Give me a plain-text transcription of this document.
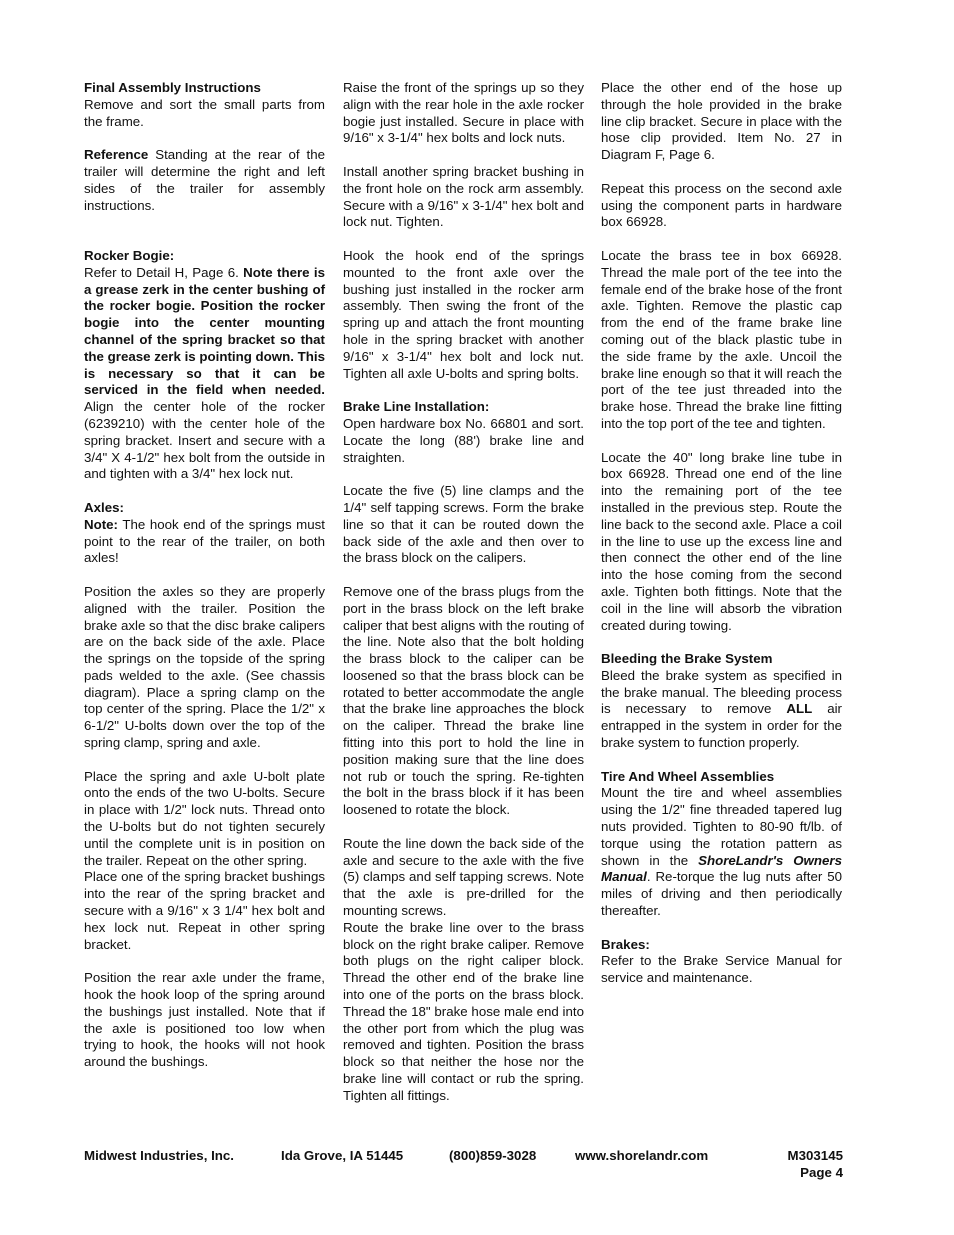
Final Assembly Instructions
Remove and sort the small parts from the frame.

Reference Standing at the rear of the trailer will determine the right and left sides of the trailer for assembly instructions.

Rocker Bogie:
Refer to Detail H, Page 6. Note there is a grease zerk in the center bushing of the rocker bogie. Position the rocker bogie into the center mounting channel of the spring bracket so that the grease zerk is pointing down. This is necessary so that it can be serviced in the field when needed. Align the center hole of the rocker (6239210) with the center hole of the spring bracket. Insert and secure with a 3/4" X 4-1/2" hex bolt from the outside in and tighten with a 3/4" hex lock nut.

Axles:
Note: The hook end of the springs must point to the rear of the trailer, on both axles!

Position the axles so they are properly aligned with the trailer. Position the brake axle so that the disc brake calipers are on the back side of the axle. Place the springs on the topside of the spring pads welded to the axle. (See chassis diagram). Place a spring clamp on the top center of the spring. Place the 1/2" x 6-1/2" U-bolts down over the top of the spring clamp, spring and axle.

Place the spring and axle U-bolt plate onto the ends of the two U-bolts. Secure in place with 1/2" lock nuts. Thread onto the U-bolts but do not tighten securely until the complete unit is in position on the trailer. Repeat on the other spring.

Place one of the spring bracket bushings into the rear of the spring bracket and secure with a 9/16" x 3 1/4" hex bolt and hex lock nut. Repeat in other spring bracket.

Position the rear axle under the frame, hook the hook loop of the spring around the bushings just installed. Note that if the axle is positioned too low when trying to hook, the hooks will not hook around the bushings.

Raise the front of the springs up so they align with the rear hole in the axle rocker bogie just installed. Secure in place with 9/16" x 3-1/4" hex bolts and lock nuts.

Install another spring bracket bushing in the front hole on the rock arm assembly. Secure with a 9/16" x 3-1/4" hex bolt and lock nut. Tighten.

Hook the hook end of the springs mounted to the front axle over the bushing just installed in the rocker arm assembly. Then swing the front of the spring up and attach the front mounting hole in the spring bracket with another 9/16" x 3-1/4" hex bolt and lock nut. Tighten all axle U-bolts and spring bolts.

Brake Line Installation:
Open hardware box No. 66801 and sort. Locate the long (88') brake line and straighten.

Locate the five (5) line clamps and the 1/4" self tapping screws. Form the brake line so that it can be routed down the back side of the axle and then over to the brass block on the calipers.

Remove one of the brass plugs from the port in the brass block on the left brake caliper that best aligns with the routing of the line. Note also that the bolt holding the brass block to the caliper can be loosened so that the brass block can be rotated to better accommodate the angle that the brake line approaches the block on the caliper. Thread the brake line fitting into this port to hold the line in position making sure that the line does not rub or touch the spring. Re-tighten the bolt in the brass block if it has been loosened to rotate the block.

Route the line down the back side of the axle and secure to the axle with the five (5) clamps and self tapping screws. Note that the axle is pre-drilled for the mounting screws.

Route the brake line over to the brass block on the right brake caliper. Remove both plugs on the right caliper block. Thread the other end of the brake line into one of the ports on the brass block. Thread the 18" brake hose male end into the other port from which the plug was removed and tighten. Position the brass block so that neither the hose nor the brake line will contact or rub the spring. Tighten all fittings.

Place the other end of the hose up through the hole provided in the brake line clip bracket. Secure in place with the hose clip provided. Item No. 27 in Diagram F, Page 6.

Repeat this process on the second axle using the component parts in hardware box 66928.

Locate the brass tee in box 66928. Thread the male port of the tee into the female end of the brake hose of the front axle. Tighten. Remove the plastic cap from the end of the frame brake line coming out of the black plastic tube in the side frame by the axle. Uncoil the brake line enough so that it will reach the port of the tee just threaded into the brake hose. Thread the brake line fitting into the top port of the tee and tighten.

Locate the 40" long brake line tube in box 66928. Thread one end of the line into the remaining port of the tee installed in the previous step. Route the line back to the second axle. Place a coil in the line to use up the excess line and then connect the other end of the line into the hose coming from the second axle. Tighten both fittings. Note that the coil in the line will absorb the vibration created during towing.

Bleeding the Brake System
Bleed the brake system as specified in the brake manual. The bleeding process is necessary to remove ALL air entrapped in the system in order for the brake system to function properly.

Tire And Wheel Assemblies
Mount the tire and wheel assemblies using the 1/2" fine threaded tapered lug nuts provided. Tighten to 80-90 ft/lb. of torque using the rotation pattern as shown in the ShoreLandr's Owners Manual. Re-torque the lug nuts after 50 miles of driving and then periodically thereafter.

Brakes:
Refer to the Brake Service Manual for service and maintenance.

Midwest Industries, Inc.	Ida Grove, IA 51445	(800)859-3028	www.shorelandr.com	M303145
Page 4
